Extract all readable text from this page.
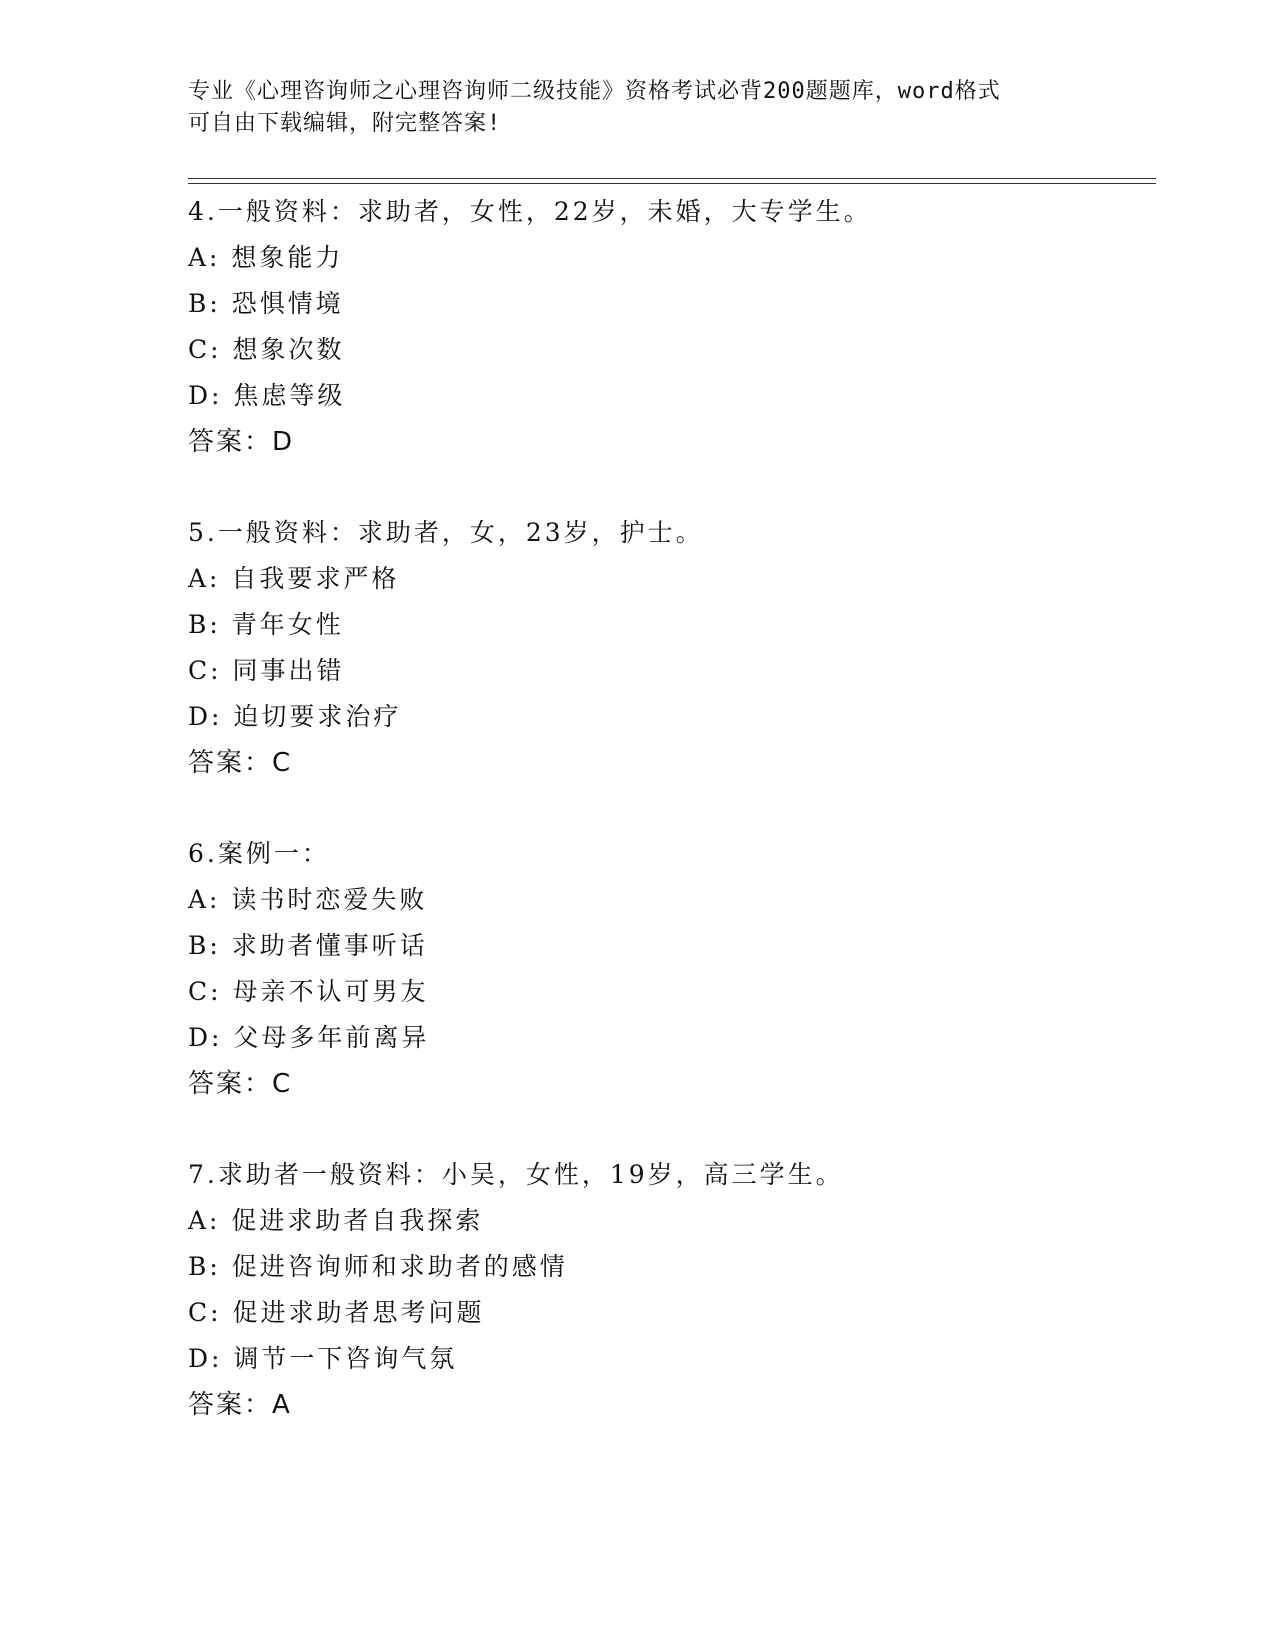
专业《心理咨询师之心理咨询师二级技能》资格考试必背200题题库，word格式
可自由下载编辑，附完整答案!
4.一般资料：求助者，女性，22岁，未婚，大专学生。
A: 想象能力
B: 恐惧情境
C: 想象次数
D: 焦虑等级
答案：D
5.一般资料：求助者，女，23岁，护士。
A: 自我要求严格
B: 青年女性
C: 同事出错
D: 迫切要求治疗
答案：C
6.案例一：
A: 读书时恋爱失败
B: 求助者懂事听话
C: 母亲不认可男友
D: 父母多年前离异
答案：C
7.求助者一般资料：小吴，女性，19岁，高三学生。
A: 促进求助者自我探索
B: 促进咨询师和求助者的感情
C: 促进求助者思考问题
D: 调节一下咨询气氛
答案：A
